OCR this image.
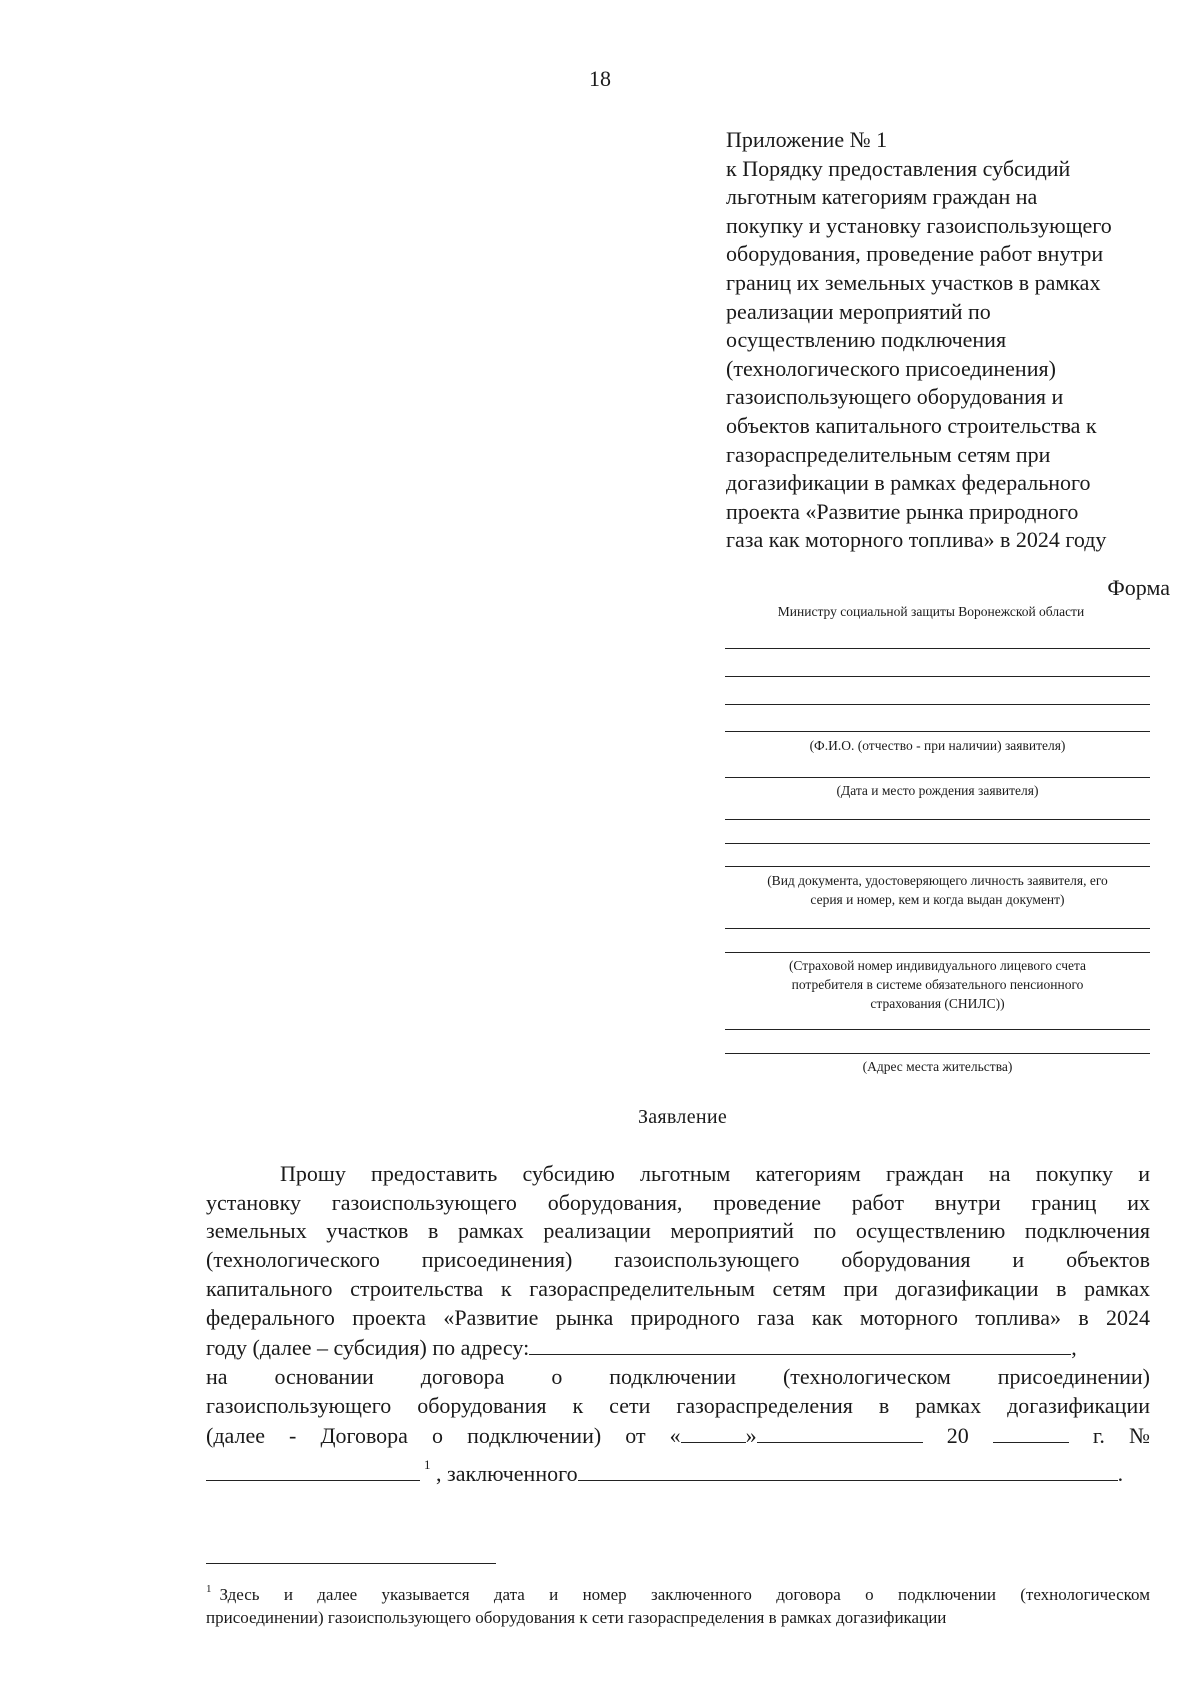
18
Приложение № 1
к Порядку предоставления субсидий
льготным категориям граждан на
покупку и установку газоиспользующего
оборудования, проведение работ внутри
границ их земельных участков в рамках
реализации мероприятий по
осуществлению подключения
(технологического присоединения)
газоиспользующего оборудования и
объектов капитального строительства к
газораспределительным сетям при
догазификации в рамках федерального
проекта «Развитие рынка природного
газа как моторного топлива» в 2024 году
Форма
Министру социальной защиты Воронежской области
(Ф.И.О. (отчество - при наличии) заявителя)
(Дата и место рождения заявителя)
(Вид документа, удостоверяющего личность заявителя, его
серия и номер, кем и когда выдан документ)
(Страховой номер индивидуального лицевого счета
потребителя в системе обязательного пенсионного
страхования (СНИЛС))
(Адрес места жительства)
Заявление
Прошу предоставить субсидию льготным категориям граждан на покупку и
установку газоиспользующего оборудования, проведение работ внутри границ их
земельных участков в рамках реализации мероприятий по осуществлению подключения
(технологического присоединения) газоиспользующего оборудования и объектов
капитального строительства к газораспределительным сетям при догазификации в рамках
федерального проекта «Развитие рынка природного газа как моторного топлива» в 2024
году (далее – субсидия) по адресу:	,
на основании договора о подключении (технологическом присоединении)
газоиспользующего оборудования к сети газораспределения в рамках догазификации
(далее - Договора о подключении) от «	»	20	г. №
$^1$ , заключенного	.
$^1$ Здесь и далее указывается дата и номер заключенного договора о подключении (технологическом
присоединении) газоиспользующего оборудования к сети газораспределения в рамках догазификации
